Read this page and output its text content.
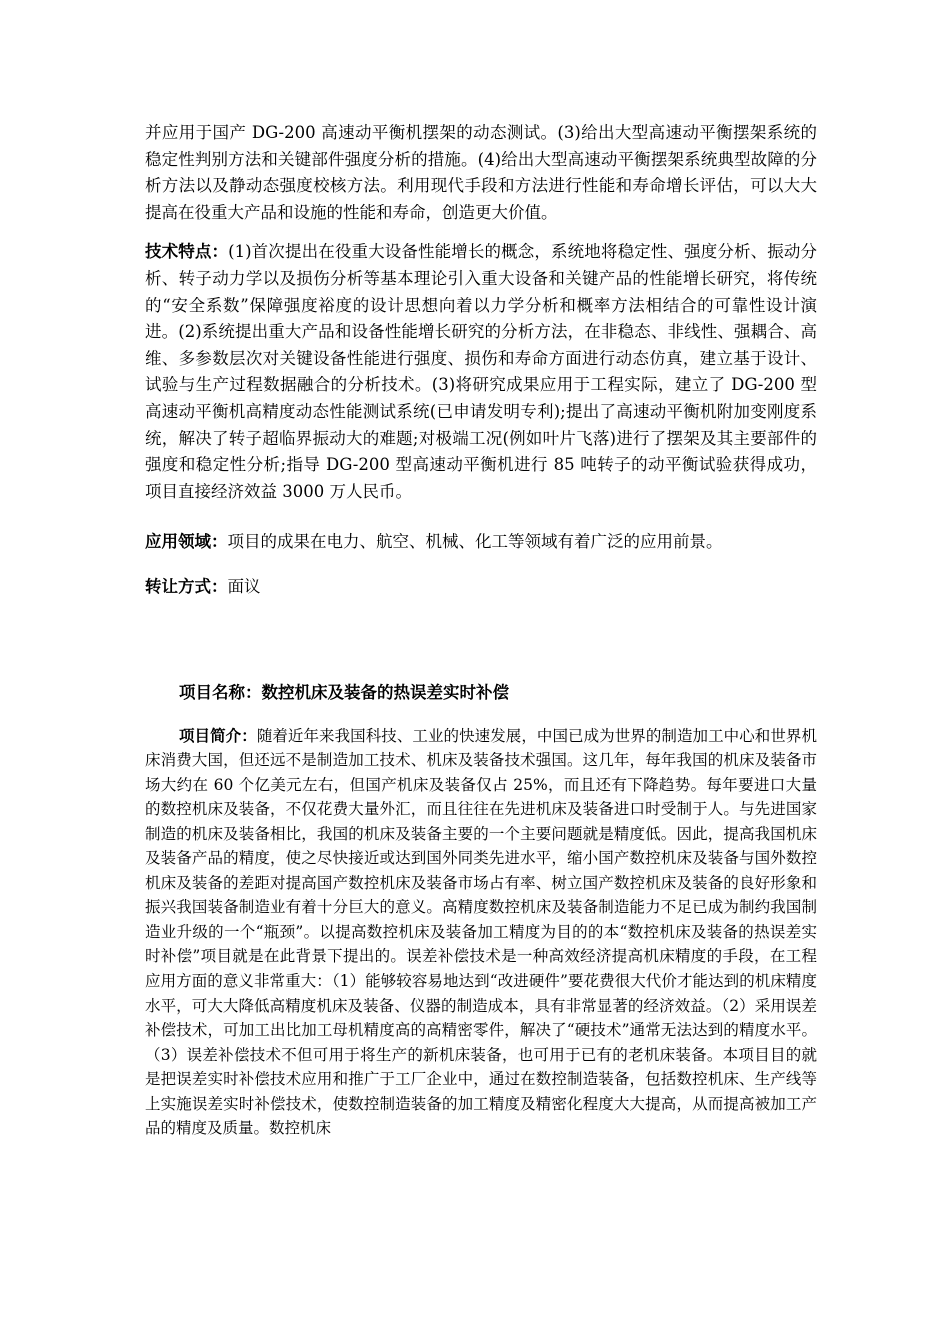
并应用于国产 DG-200 高速动平衡机摆架的动态测试。(3)给出大型高速动平衡摆架系统的稳定性判别方法和关键部件强度分析的措施。(4)给出大型高速动平衡摆架系统典型故障的分析方法以及静动态强度校核方法。利用现代手段和方法进行性能和寿命增长评估，可以大大提高在役重大产品和设施的性能和寿命，创造更大价值。

技术特点：(1)首次提出在役重大设备性能增长的概念，系统地将稳定性、强度分析、振动分析、转子动力学以及损伤分析等基本理论引入重大设备和关键产品的性能增长研究，将传统的“安全系数”保障强度裕度的设计思想向着以力学分析和概率方法相结合的可靠性设计演进。(2)系统提出重大产品和设备性能增长研究的分析方法，在非稳态、非线性、强耦合、高维、多参数层次对关键设备性能进行强度、损伤和寿命方面进行动态仿真，建立基于设计、试验与生产过程数据融合的分析技术。(3)将研究成果应用于工程实际，建立了 DG-200 型高速动平衡机高精度动态性能测试系统(已申请发明专利);提出了高速动平衡机附加变刚度系统，解决了转子超临界振动大的难题;对极端工况(例如叶片飞落)进行了摆架及其主要部件的强度和稳定性分析;指导 DG-200 型高速动平衡机进行 85 吨转子的动平衡试验获得成功，项目直接经济效益 3000 万人民币。

应用领域：项目的成果在电力、航空、机械、化工等领域有着广泛的应用前景。

转让方式：面议

项目名称：数控机床及装备的热误差实时补偿

项目简介：随着近年来我国科技、工业的快速发展，中国已成为世界的制造加工中心和世界机床消费大国，但还远不是制造加工技术、机床及装备技术强国。这几年，每年我国的机床及装备市场大约在 60 个亿美元左右，但国产机床及装备仅占 25%，而且还有下降趋势。每年要进口大量的数控机床及装备，不仅花费大量外汇，而且往往在先进机床及装备进口时受制于人。与先进国家制造的机床及装备相比，我国的机床及装备主要的一个主要问题就是精度低。因此，提高我国机床及装备产品的精度，使之尽快接近或达到国外同类先进水平，缩小国产数控机床及装备与国外数控机床及装备的差距对提高国产数控机床及装备市场占有率、树立国产数控机床及装备的良好形象和振兴我国装备制造业有着十分巨大的意义。高精度数控机床及装备制造能力不足已成为制约我国制造业升级的一个“瓶颈”。以提高数控机床及装备加工精度为目的的本“数控机床及装备的热误差实时补偿”项目就是在此背景下提出的。误差补偿技术是一种高效经济提高机床精度的手段，在工程应用方面的意义非常重大：（1）能够较容易地达到“改进硬件”要花费很大代价才能达到的机床精度水平，可大大降低高精度机床及装备、仪器的制造成本，具有非常显著的经济效益。（2）采用误差补偿技术，可加工出比加工母机精度高的高精密零件，解决了“硬技术”通常无法达到的精度水平。（3）误差补偿技术不但可用于将生产的新机床装备，也可用于已有的老机床装备。本项目目的就是把误差实时补偿技术应用和推广于工厂企业中，通过在数控制造装备，包括数控机床、生产线等上实施误差实时补偿技术，使数控制造装备的加工精度及精密化程度大大提高，从而提高被加工产品的精度及质量。数控机床
